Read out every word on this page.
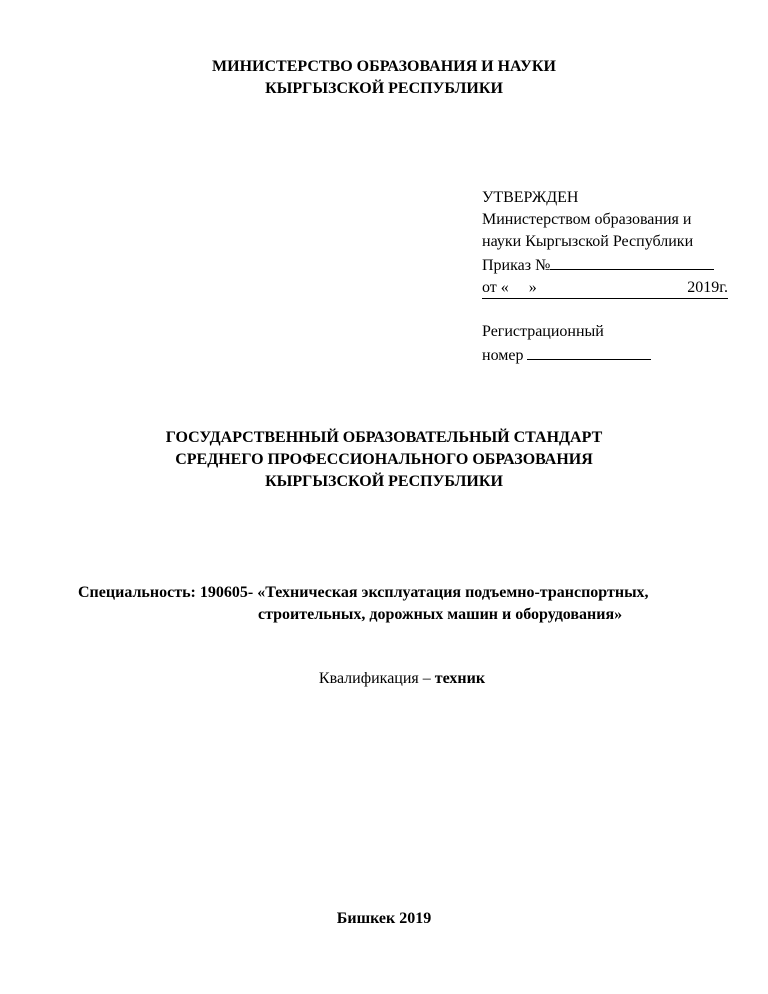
МИНИСТЕРСТВО ОБРАЗОВАНИЯ И НАУКИ
КЫРГЫЗСКОЙ РЕСПУБЛИКИ
УТВЕРЖДЕН
Министерством образования и
науки Кыргызской Республики
Приказ №
от «     »	2019г.
Регистрационный
номер
ГОСУДАРСТВЕННЫЙ ОБРАЗОВАТЕЛЬНЫЙ СТАНДАРТ
СРЕДНЕГО ПРОФЕССИОНАЛЬНОГО ОБРАЗОВАНИЯ
КЫРГЫЗСКОЙ РЕСПУБЛИКИ
Специальность: 190605- «Техническая эксплуатация подъемно-транспортных,
строительных, дорожных машин и оборудования»
Квалификация – техник
Бишкек 2019
